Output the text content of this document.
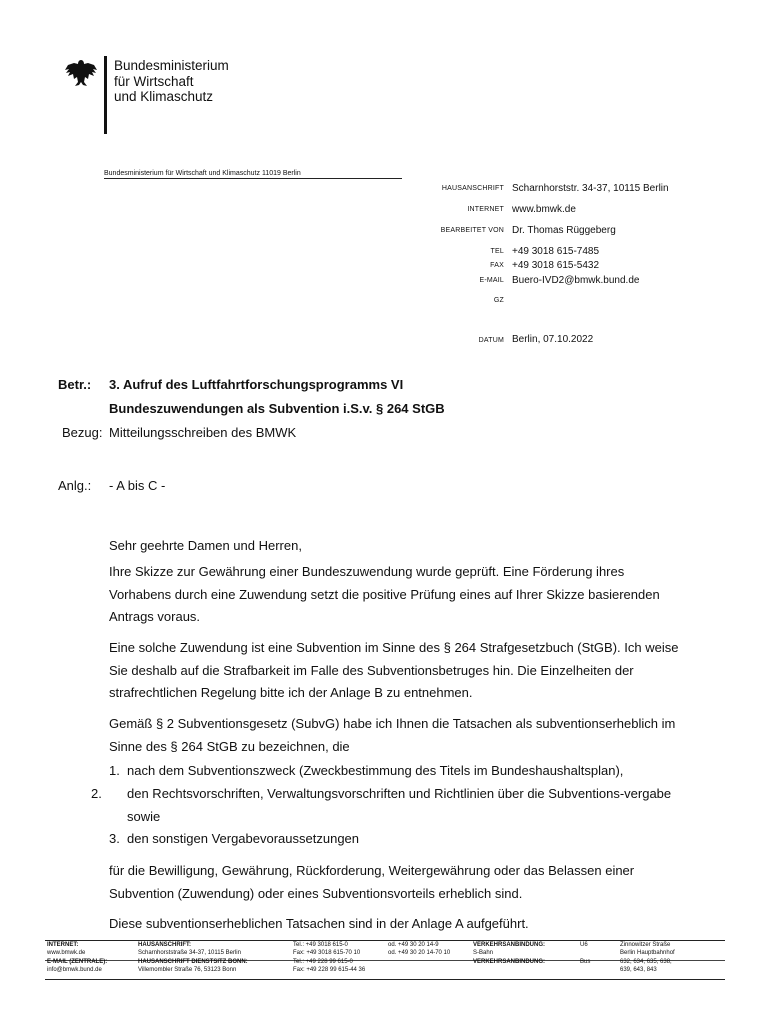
Bundesministerium
für Wirtschaft
und Klimaschutz
Bundesministerium für Wirtschaft und Klimaschutz 11019 Berlin
HAUSANSCHRIFT Scharnhorststr. 34-37, 10115 Berlin
INTERNET www.bmwk.de
BEARBEITET VON Dr. Thomas Rüggeberg
TEL +49 3018 615-7485
FAX +49 3018 615-5432
E-MAIL Buero-IVD2@bmwk.bund.de
GZ
DATUM Berlin, 07.10.2022
Betr.: 3. Aufruf des Luftfahrtforschungsprogramms VI
Bundeszuwendungen als Subvention i.S.v. § 264 StGB
Bezug: Mitteilungsschreiben des BMWK
Anlg.: - A bis C -
Sehr geehrte Damen und Herren,
Ihre Skizze zur Gewährung einer Bundeszuwendung wurde geprüft. Eine Förderung ihres Vorhabens durch eine Zuwendung setzt die positive Prüfung eines auf Ihrer Skizze basierenden Antrags voraus.
Eine solche Zuwendung ist eine Subvention im Sinne des § 264 Strafgesetzbuch (StGB). Ich weise Sie deshalb auf die Strafbarkeit im Falle des Subventionsbetruges hin. Die Einzelheiten der strafrechtlichen Regelung bitte ich der Anlage B zu entnehmen.
Gemäß § 2 Subventionsgesetz (SubvG) habe ich Ihnen die Tatsachen als subventionserheblich im Sinne des § 264 StGB zu bezeichnen, die
1. nach dem Subventionszweck (Zweckbestimmung des Titels im Bundeshaushaltsplan),
2. den Rechtsvorschriften, Verwaltungsvorschriften und Richtlinien über die Subventions-vergabe sowie
3. den sonstigen Vergabevoraussetzungen
für die Bewilligung, Gewährung, Rückforderung, Weitergewährung oder das Belassen einer Subvention (Zuwendung) oder eines Subventionsvorteils erheblich sind.
Diese subventionserheblichen Tatsachen sind in der Anlage A aufgeführt.
INTERNET:
www.bmwk.de
E-MAIL (ZENTRALE):
info@bmwk.bund.de
HAUSANSCHRIFT:
Scharnhorststraße 34-37, 10115 Berlin
HAUSANSCHRIFT DIENSTSITZ BONN:
Villemombler Straße 76, 53123 Bonn
Tel.: +49 3018 615-0
Fax: +49 3018 615-70 10
Tel.: +49 228 99 615-0
Fax: +49 228 99 615-44 36
od. +49 30 20 14-9
od. +49 30 20 14-70 10
VERKEHRSANBINDUNG:
S-Bahn
VERKEHRSANBINDUNG:
U6

Bus
Zinnowitzer Straße
Berlin Hauptbahnhof
632, 634, 635, 638,
639, 643, 843
